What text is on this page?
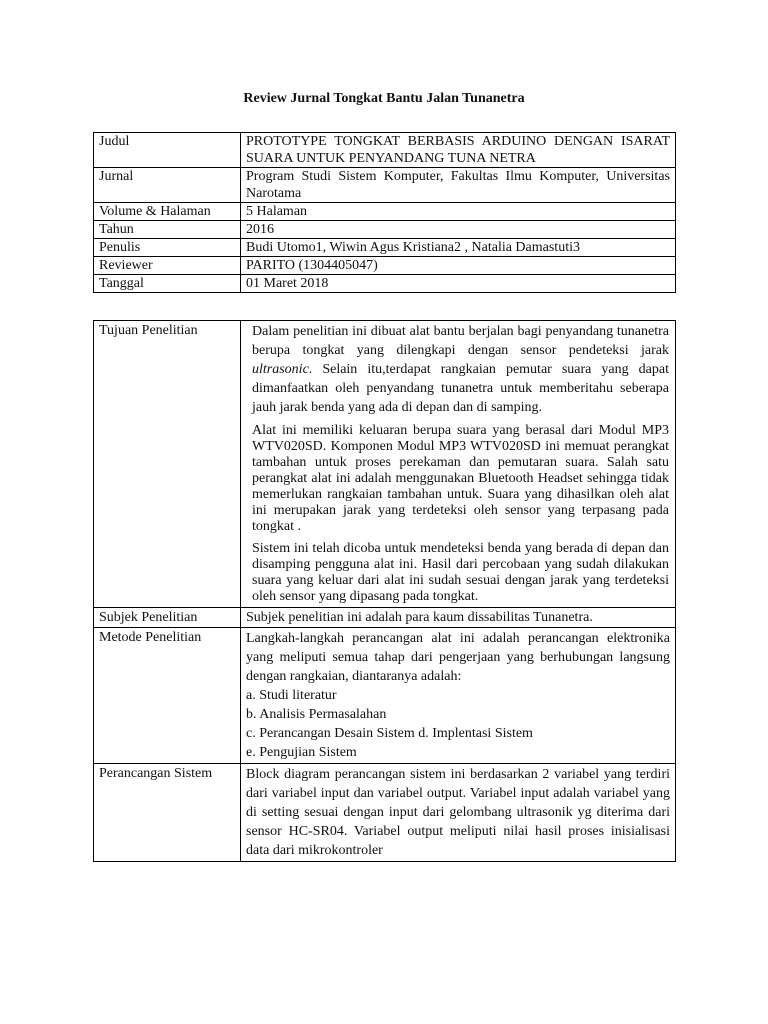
Review Jurnal Tongkat Bantu Jalan Tunanetra
Judul	PROTOTYPE TONGKAT BERBASIS ARDUINO DENGAN ISARAT SUARA UNTUK PENYANDANG TUNA NETRA
Jurnal	Program Studi Sistem Komputer, Fakultas Ilmu Komputer, Universitas Narotama
Volume & Halaman	5 Halaman
Tahun	2016
Penulis	Budi Utomo1, Wiwin Agus Kristiana2 , Natalia Damastuti3
Reviewer	PARITO (1304405047)
Tanggal	01 Maret 2018
Tujuan Penelitian	Dalam penelitian ini dibuat alat bantu berjalan bagi penyandang tunanetra berupa tongkat yang dilengkapi dengan sensor pendeteksi jarak ultrasonic. Selain itu,terdapat rangkaian pemutar suara yang dapat dimanfaatkan oleh penyandang tunanetra untuk memberitahu seberapa jauh jarak benda yang ada di depan dan di samping.

Alat ini memiliki keluaran berupa suara yang berasal dari Modul MP3 WTV020SD. Komponen Modul MP3 WTV020SD ini memuat perangkat tambahan untuk proses perekaman dan pemutaran suara. Salah satu perangkat alat ini adalah menggunakan Bluetooth Headset sehingga tidak memerlukan rangkaian tambahan untuk. Suara yang dihasilkan oleh alat ini merupakan jarak yang terdeteksi oleh sensor yang terpasang pada tongkat .

Sistem ini telah dicoba untuk mendeteksi benda yang berada di depan dan disamping pengguna alat ini. Hasil dari percobaan yang sudah dilakukan suara yang keluar dari alat ini sudah sesuai dengan jarak yang terdeteksi oleh sensor yang dipasang pada tongkat.

Subjek Penelitian	Subjek penelitian ini adalah para kaum dissabilitas Tunanetra.
Metode Penelitian	Langkah-langkah perancangan alat ini adalah perancangan elektronika yang meliputi semua tahap dari pengerjaan yang berhubungan langsung dengan rangkaian, diantaranya adalah:

a. Studi literatur
b. Analisis Permasalahan
c. Perancangan Desain Sistem d. Implentasi Sistem
e. Pengujian Sistem

Perancangan Sistem	Block diagram perancangan sistem ini berdasarkan 2 variabel yang terdiri dari variabel input dan variabel output. Variabel input adalah variabel yang di setting sesuai dengan input dari gelombang ultrasonik yg diterima dari sensor HC-SR04. Variabel output meliputi nilai hasil proses inisialisasi data dari mikrokontroler
